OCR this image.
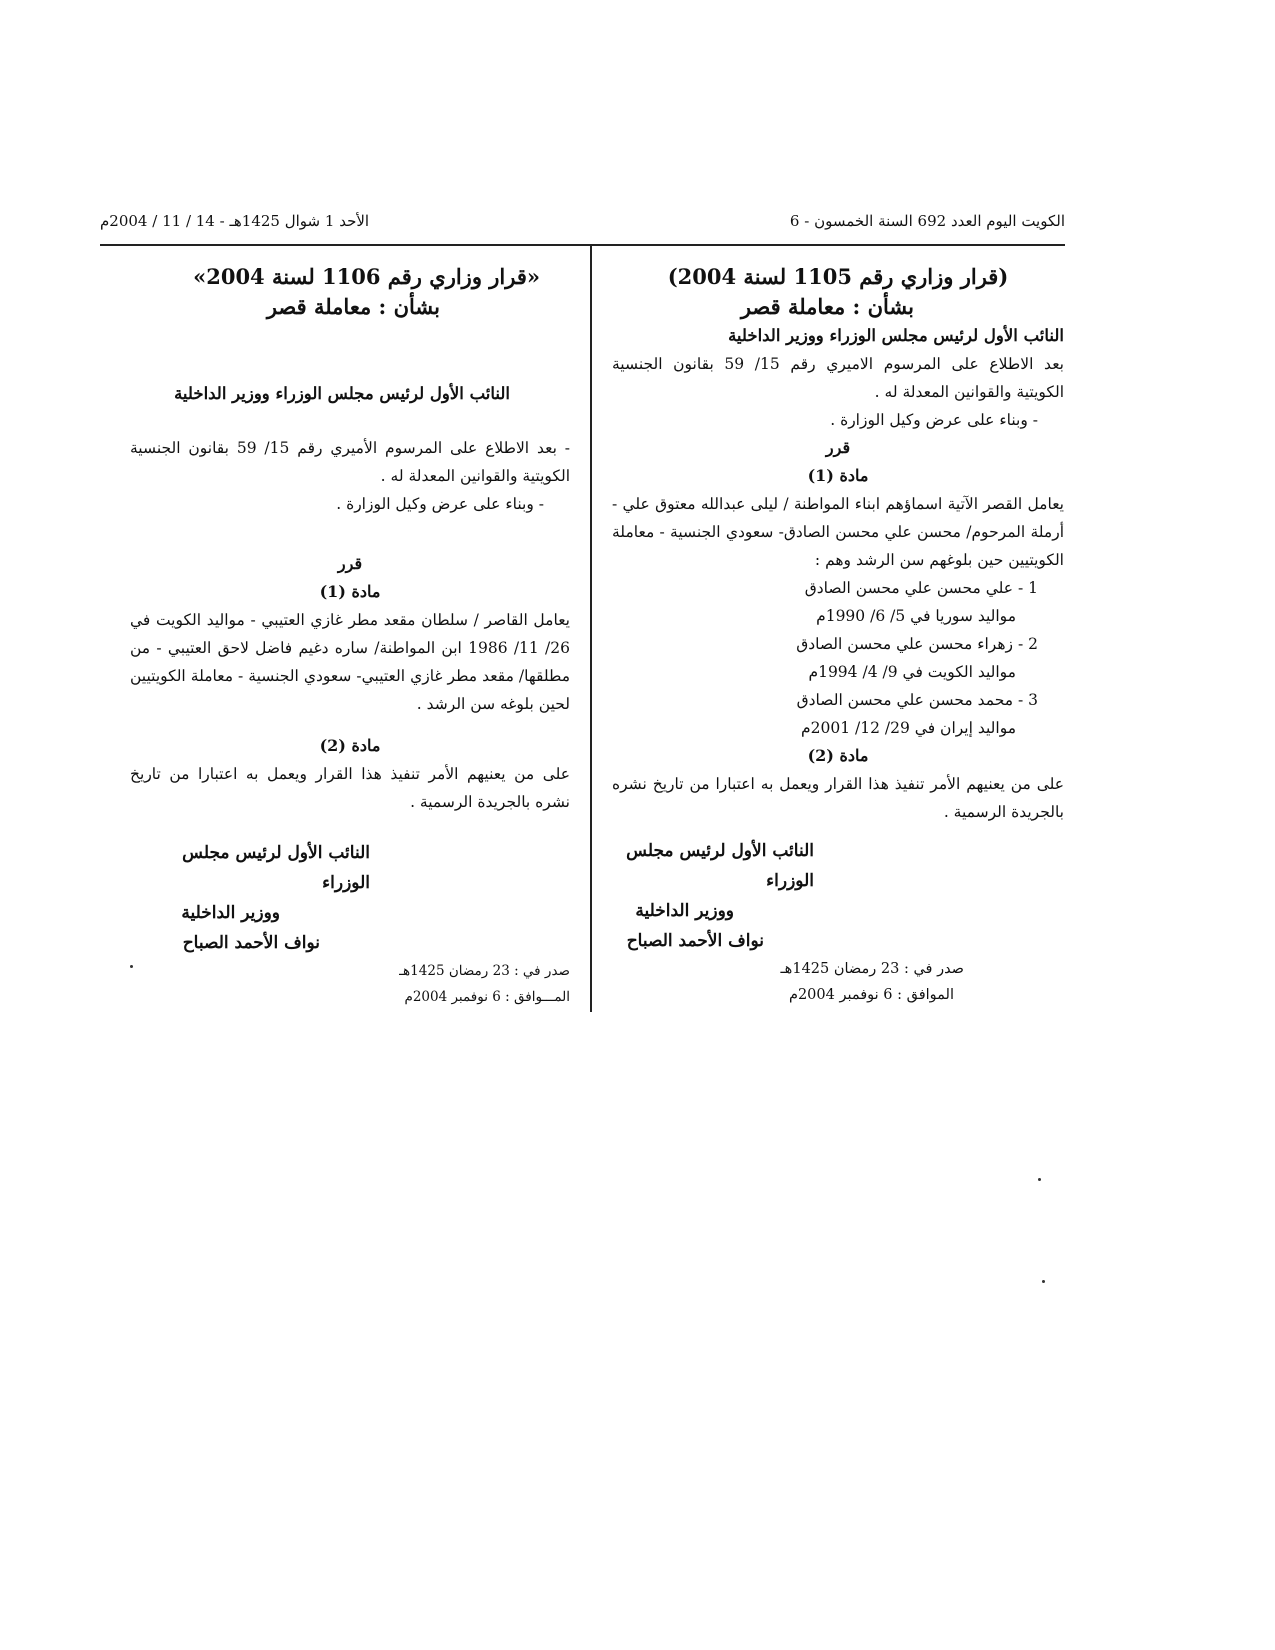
الكويت اليوم العدد 692 السنة الخمسون - 6
الأحد 1 شوال 1425هـ - 14 / 11 / 2004م
(قرار وزاري رقم 1105 لسنة 2004)
بشأن : معاملة قصر
النائب الأول لرئيس مجلس الوزراء ووزير الداخلية

بعد الاطلاع على المرسوم الاميري رقم 15/ 59 بقانون الجنسية الكويتية والقوانين المعدلة له .

- وبناء على عرض وكيل الوزارة .

قرر
مادة (1)

يعامل القصر الآتية اسماؤهم ابناء المواطنة / ليلى عبدالله معتوق علي - أرملة المرحوم/ محسن علي محسن الصادق- سعودي الجنسية - معاملة الكويتيين حين بلوغهم سن الرشد وهم :

1 - علي محسن علي محسن الصادق
مواليد سوريا في 5/ 6/ 1990م
2 - زهراء محسن علي محسن الصادق
مواليد الكويت في 9/ 4/ 1994م
3 - محمد محسن علي محسن الصادق
مواليد إيران في 29/ 12/ 2001م
مادة (2)

على من يعنيهم الأمر تنفيذ هذا القرار ويعمل به اعتبارا من تاريخ نشره بالجريدة الرسمية .

النائب الأول لرئيس مجلس الوزراء
ووزير الداخلية
نواف الأحمد الصباح
صدر في : 23 رمضان 1425هـ
الموافق : 6 نوفمبر 2004م
«قرار وزاري رقم 1106 لسنة 2004»
بشأن : معاملة قصر
النائب الأول لرئيس مجلس الوزراء ووزير الداخلية

- بعد الاطلاع على المرسوم الأميري رقم 15/ 59 بقانون الجنسية الكويتية والقوانين المعدلة له .

- وبناء على عرض وكيل الوزارة .

قرر
مادة (1)

يعامل القاصر / سلطان مقعد مطر غازي العتيبي - مواليد الكويت في 26/ 11/ 1986 ابن المواطنة/ ساره دغيم فاضل لاحق العتيبي - من مطلقها/ مقعد مطر غازي العتيبي- سعودي الجنسية - معاملة الكويتيين لحين بلوغه سن الرشد .

مادة (2)

على من يعنيهم الأمر تنفيذ هذا القرار ويعمل به اعتبارا من تاريخ نشره بالجريدة الرسمية .

النائب الأول لرئيس مجلس الوزراء
ووزير الداخلية
نواف الأحمد الصباح
صدر في : 23 رمضان 1425هـ
المـــوافق : 6 نوفمبر 2004م
